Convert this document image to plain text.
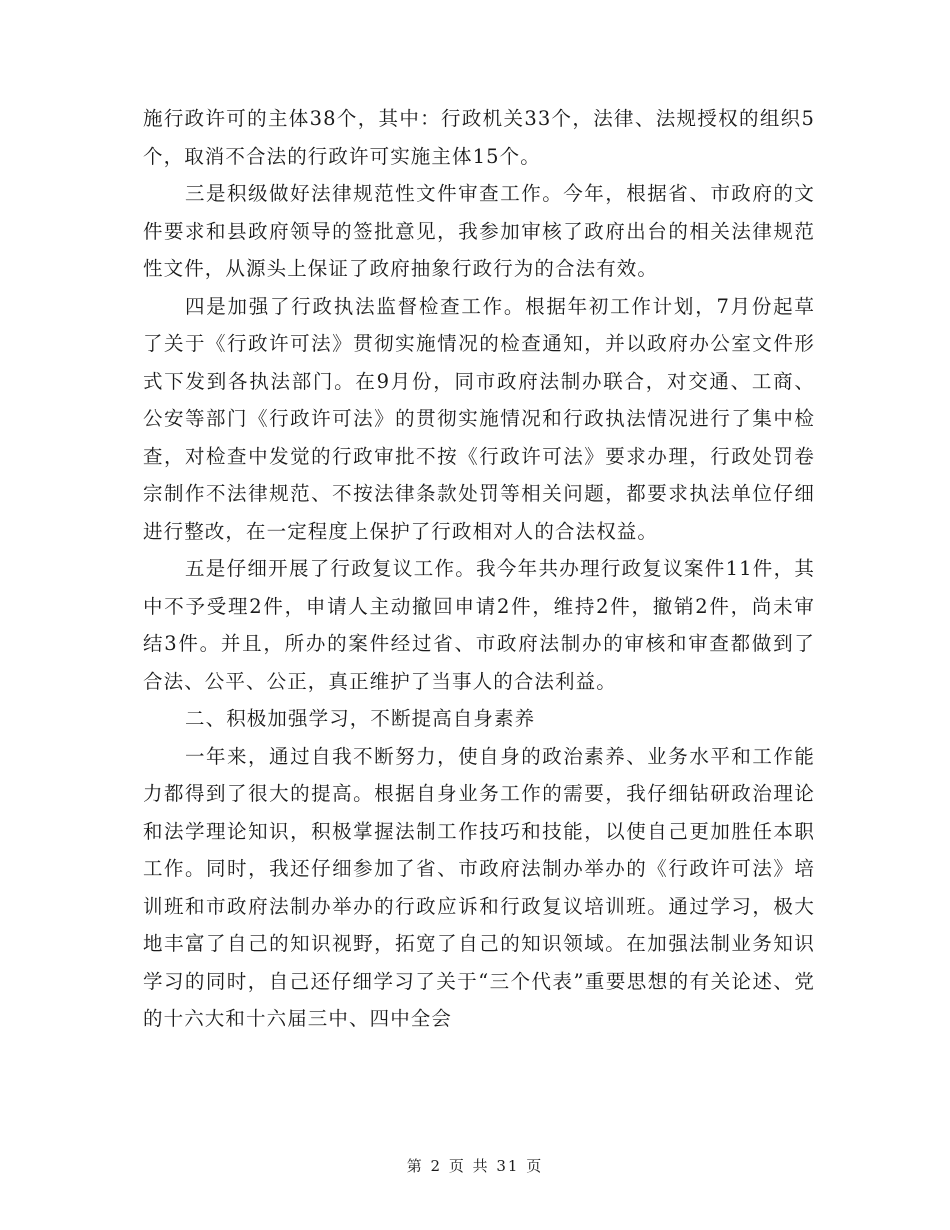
施行政许可的主体38个，其中：行政机关33个，法律、法规授权的组织5个，取消不合法的行政许可实施主体15个。

三是积级做好法律规范性文件审查工作。今年，根据省、市政府的文件要求和县政府领导的签批意见，我参加审核了政府出台的相关法律规范性文件，从源头上保证了政府抽象行政行为的合法有效。

四是加强了行政执法监督检查工作。根据年初工作计划，7月份起草了关于《行政许可法》贯彻实施情况的检查通知，并以政府办公室文件形式下发到各执法部门。在9月份，同市政府法制办联合，对交通、工商、公安等部门《行政许可法》的贯彻实施情况和行政执法情况进行了集中检查，对检查中发觉的行政审批不按《行政许可法》要求办理，行政处罚卷宗制作不法律规范、不按法律条款处罚等相关问题，都要求执法单位仔细进行整改，在一定程度上保护了行政相对人的合法权益。

五是仔细开展了行政复议工作。我今年共办理行政复议案件11件，其中不予受理2件，申请人主动撤回申请2件，维持2件，撤销2件，尚未审结3件。并且，所办的案件经过省、市政府法制办的审核和审查都做到了合法、公平、公正，真正维护了当事人的合法利益。

二、积极加强学习，不断提高自身素养

一年来，通过自我不断努力，使自身的政治素养、业务水平和工作能力都得到了很大的提高。根据自身业务工作的需要，我仔细钻研政治理论和法学理论知识，积极掌握法制工作技巧和技能，以使自己更加胜任本职工作。同时，我还仔细参加了省、市政府法制办举办的《行政许可法》培训班和市政府法制办举办的行政应诉和行政复议培训班。通过学习，极大地丰富了自己的知识视野，拓宽了自己的知识领域。在加强法制业务知识学习的同时，自己还仔细学习了关于“三个代表”重要思想的有关论述、党的十六大和十六届三中、四中全会

第 2 页 共 31 页
